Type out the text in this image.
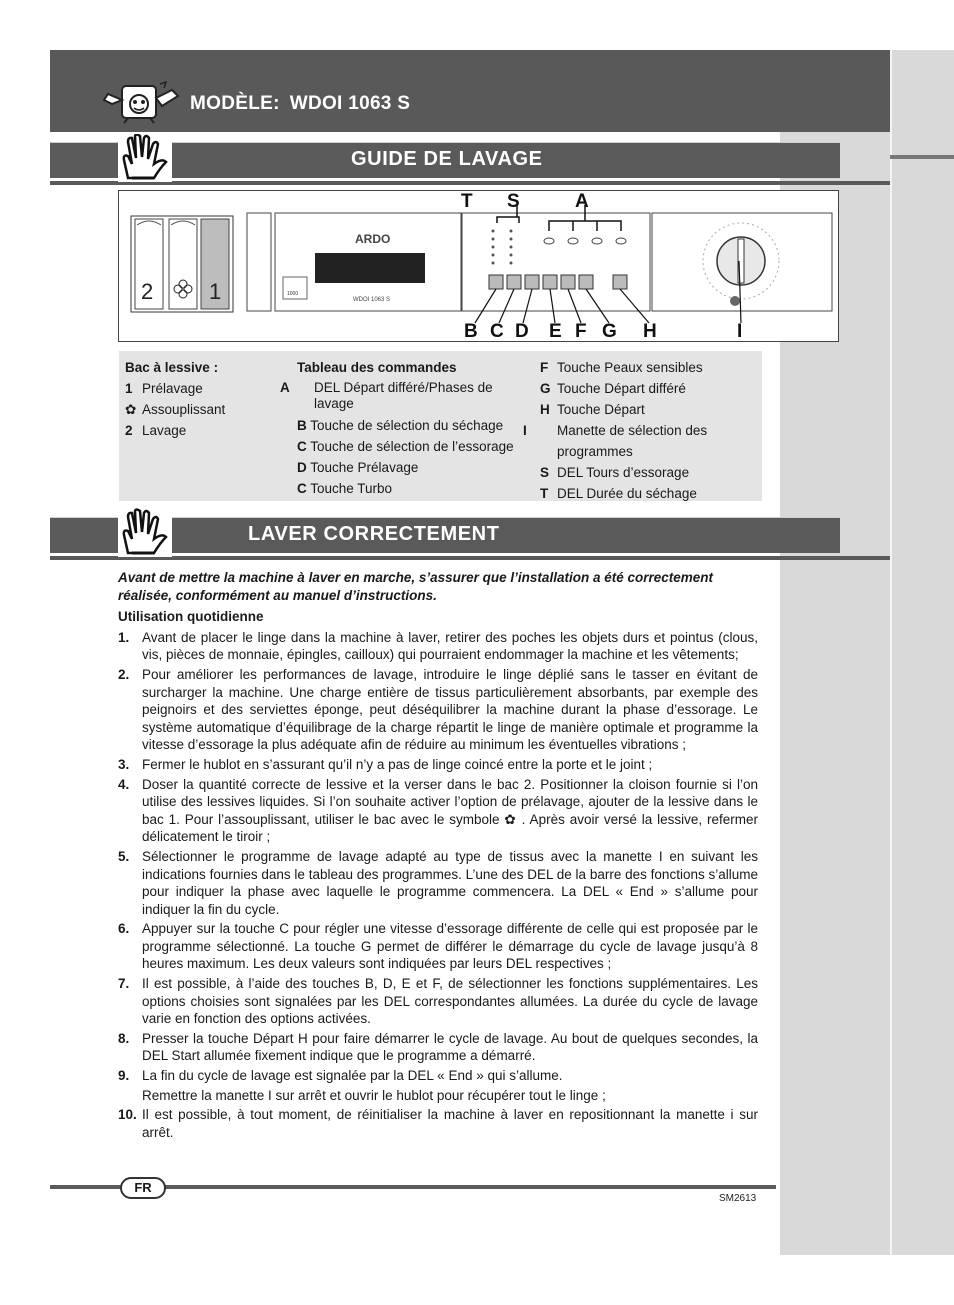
MODÈLE: WDOI 1063 S
GUIDE DE LAVAGE
2	1
ARDO
WDOI 1063 S
1000
T S	A
B C D E F G H	I
Bac à lessive :
1 Prélavage
✿ Assouplissant
2 Lavage
Tableau des commandes
A DEL Départ différé/Phases de lavage
B Touche de sélection du séchage
C Touche de sélection de l’essorage
D Touche Prélavage
C Touche Turbo
F Touche Peaux sensibles
G Touche Départ différé
H Touche Départ
I Manette de sélection des programmes
S DEL Tours d’essorage
T DEL Durée du séchage
LAVER CORRECTEMENT
Avant de mettre la machine à laver en marche, s’assurer que l’installation a été correctement réalisée, conformément au manuel d’instructions.
Utilisation quotidienne
1. Avant de placer le linge dans la machine à laver, retirer des poches les objets durs et pointus (clous, vis, pièces de monnaie, épingles, cailloux) qui pourraient endommager la machine et les vêtements;
2. Pour améliorer les performances de lavage, introduire le linge déplié sans le tasser en évitant de surcharger la machine. Une charge entière de tissus particulièrement absorbants, par exemple des peignoirs et des serviettes éponge, peut déséquilibrer la machine durant la phase d’essorage. Le système automatique d’équilibrage de la charge répartit le linge de manière optimale et programme la vitesse d’essorage la plus adéquate afin de réduire au minimum les éventuelles vibrations ;
3. Fermer le hublot en s’assurant qu’il n’y a pas de linge coincé entre la porte et le joint ;
4. Doser la quantité correcte de lessive et la verser dans le bac 2. Positionner la cloison fournie si l’on utilise des lessives liquides. Si l’on souhaite activer l’option de prélavage, ajouter de la lessive dans le bac 1. Pour l’assouplissant, utiliser le bac avec le symbole ✿ . Après avoir versé la lessive, refermer délicatement le tiroir ;
5. Sélectionner le programme de lavage adapté au type de tissus avec la manette I en suivant les indications fournies dans le tableau des programmes. L’une des DEL de la barre des fonctions s’allume pour indiquer la phase avec laquelle le programme commencera. La DEL « End » s’allume pour indiquer la fin du cycle.
6. Appuyer sur la touche C pour régler une vitesse d’essorage différente de celle qui est proposée par le programme sélectionné. La touche G permet de différer le démarrage du cycle de lavage jusqu’à 8 heures maximum. Les deux valeurs sont indiquées par leurs DEL respectives ;
7. Il est possible, à l’aide des touches B, D, E et F, de sélectionner les fonctions supplémentaires. Les options choisies sont signalées par les DEL correspondantes allumées. La durée du cycle de lavage varie en fonction des options activées.
8. Presser la touche Départ H pour faire démarrer le cycle de lavage. Au bout de quelques secondes, la DEL Start allumée fixement indique que le programme a démarré.
9. La fin du cycle de lavage est signalée par la DEL « End » qui s’allume.
Remettre la manette I sur arrêt et ouvrir le hublot pour récupérer tout le linge ;
10. Il est possible, à tout moment, de réinitialiser la machine à laver en repositionnant la manette i sur arrêt.
FR
SM2613
